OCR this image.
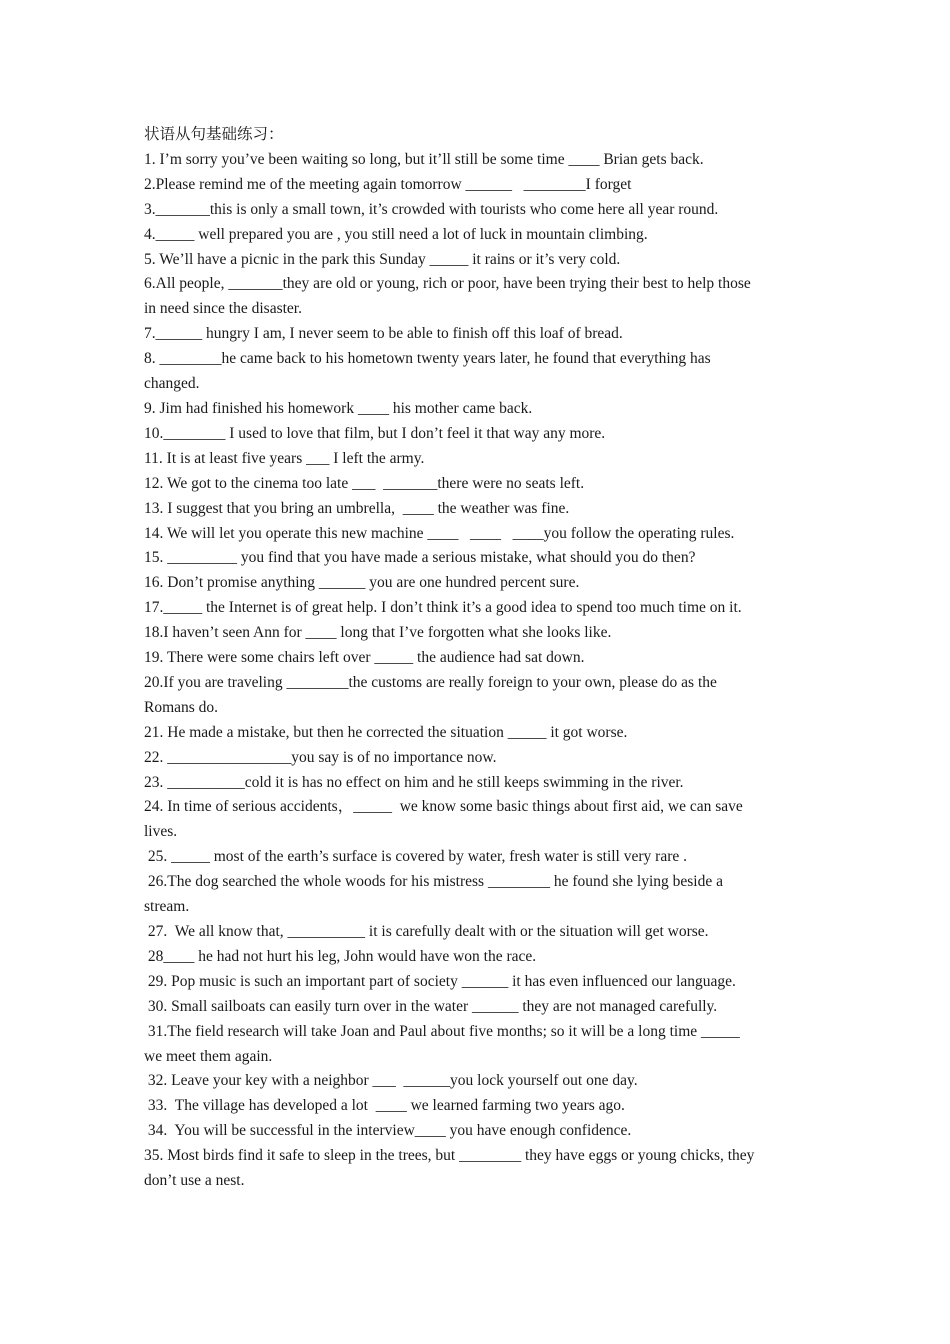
状语从句基础练习：

1. I’m sorry you’ve been waiting so long, but it’ll still be some time ____ Brian gets back.

2.Please remind me of the meeting again tomorrow ______   ________I forget

3._______this is only a small town, it’s crowded with tourists who come here all year round.

4._____ well prepared you are , you still need a lot of luck in mountain climbing.

5. We’ll have a picnic in the park this Sunday _____ it rains or it’s very cold.

6.All people, _______they are old or young, rich or poor, have been trying their best to help those

in need since the disaster.

7.______ hungry I am, I never seem to be able to finish off this loaf of bread.

8. ________he came back to his hometown twenty years later, he found that everything has

changed.

9. Jim had finished his homework ____ his mother came back.

10.________ I used to love that film, but I don’t feel it that way any more.

11. It is at least five years ___ I left the army.

12. We got to the cinema too late ___  _______there were no seats left.

13. I suggest that you bring an umbrella,  ____ the weather was fine.

14. We will let you operate this new machine ____   ____   ____you follow the operating rules.

15. _________ you find that you have made a serious mistake, what should you do then?

16. Don’t promise anything ______ you are one hundred percent sure.

17._____ the Internet is of great help. I don’t think it’s a good idea to spend too much time on it.

18.I haven’t seen Ann for ____ long that I’ve forgotten what she looks like.

19. There were some chairs left over _____ the audience had sat down.

20.If you are traveling ________the customs are really foreign to your own, please do as the

Romans do.

21. He made a mistake, but then he corrected the situation _____ it got worse.

22. ________________you say is of no importance now.

23. __________cold it is has no effect on him and he still keeps swimming in the river.

24. In time of serious accidents，_____  we know some basic things about first aid, we can save

lives.

25. _____ most of the earth’s surface is covered by water, fresh water is still very rare .

26.The dog searched the whole woods for his mistress ________ he found she lying beside a

stream.

27.  We all know that, __________ it is carefully dealt with or the situation will get worse.

28____ he had not hurt his leg, John would have won the race.

29. Pop music is such an important part of society ______ it has even influenced our language.

30. Small sailboats can easily turn over in the water ______ they are not managed carefully.

31.The field research will take Joan and Paul about five months; so it will be a long time _____

we meet them again.

32. Leave your key with a neighbor ___  ______you lock yourself out one day.

33.  The village has developed a lot  ____ we learned farming two years ago.

34.  You will be successful in the interview____ you have enough confidence.

35. Most birds find it safe to sleep in the trees, but ________ they have eggs or young chicks, they

don’t use a nest.
